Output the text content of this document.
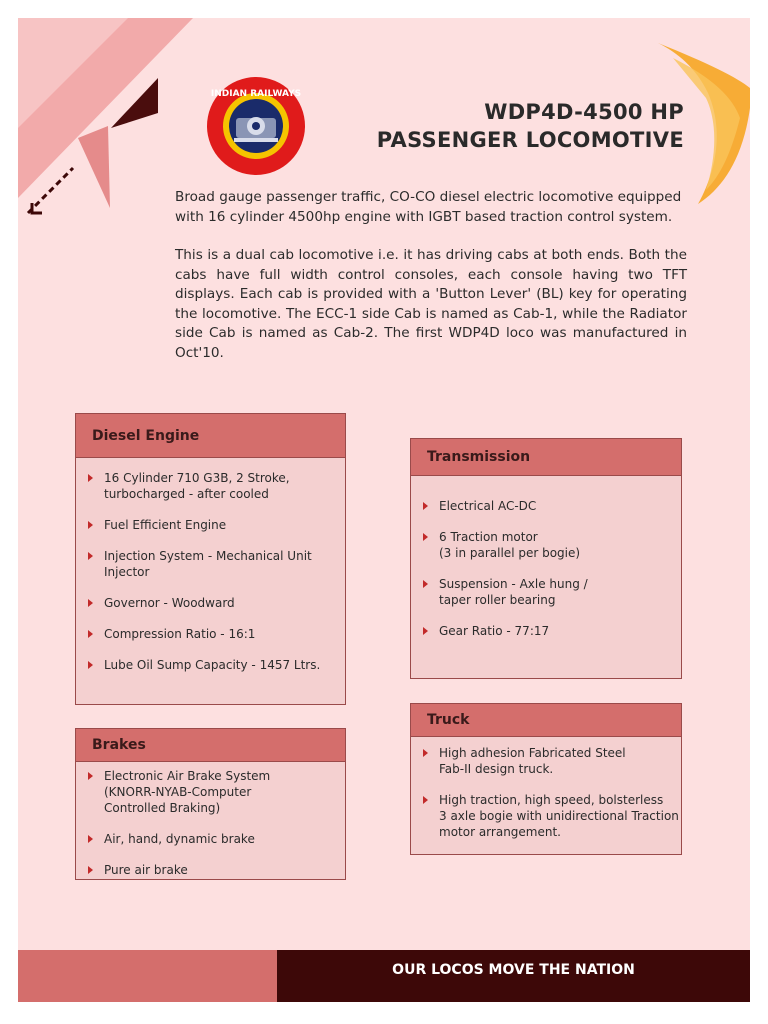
INDIAN RAILWAYS
WDP4D-4500 HP
PASSENGER LOCOMOTIVE

Broad gauge passenger traffic, CO-CO diesel electric locomotive equipped with 16 cylinder 4500hp engine with IGBT based traction control system.

This is a dual cab locomotive i.e. it has driving cabs at both ends. Both the cabs have full width control consoles, each console having two TFT displays. Each cab is provided with a 'Button Lever' (BL) key for operating the locomotive. The ECC-1 side Cab is named as Cab-1, while the Radiator side Cab is named as Cab-2. The first WDP4D loco was manufactured in Oct'10.

Diesel Engine
16 Cylinder 710 G3B, 2 Stroke,
turbocharged - after cooled
Fuel Efficient Engine
Injection System - Mechanical Unit Injector
Governor - Woodward
Compression Ratio - 16:1
Lube Oil Sump Capacity - 1457 Ltrs.
Transmission
Electrical AC-DC
6 Traction motor
(3 in parallel per bogie)
Suspension - Axle hung /
taper roller bearing
Gear Ratio - 77:17
Brakes
Electronic Air Brake System
(KNORR-NYAB-Computer
Controlled Braking)
Air, hand, dynamic brake
Pure air brake
Truck
High adhesion Fabricated Steel
Fab-II design truck.
High traction, high speed, bolsterless
3 axle bogie with unidirectional Traction
motor arrangement.
OUR LOCOS MOVE THE NATION
